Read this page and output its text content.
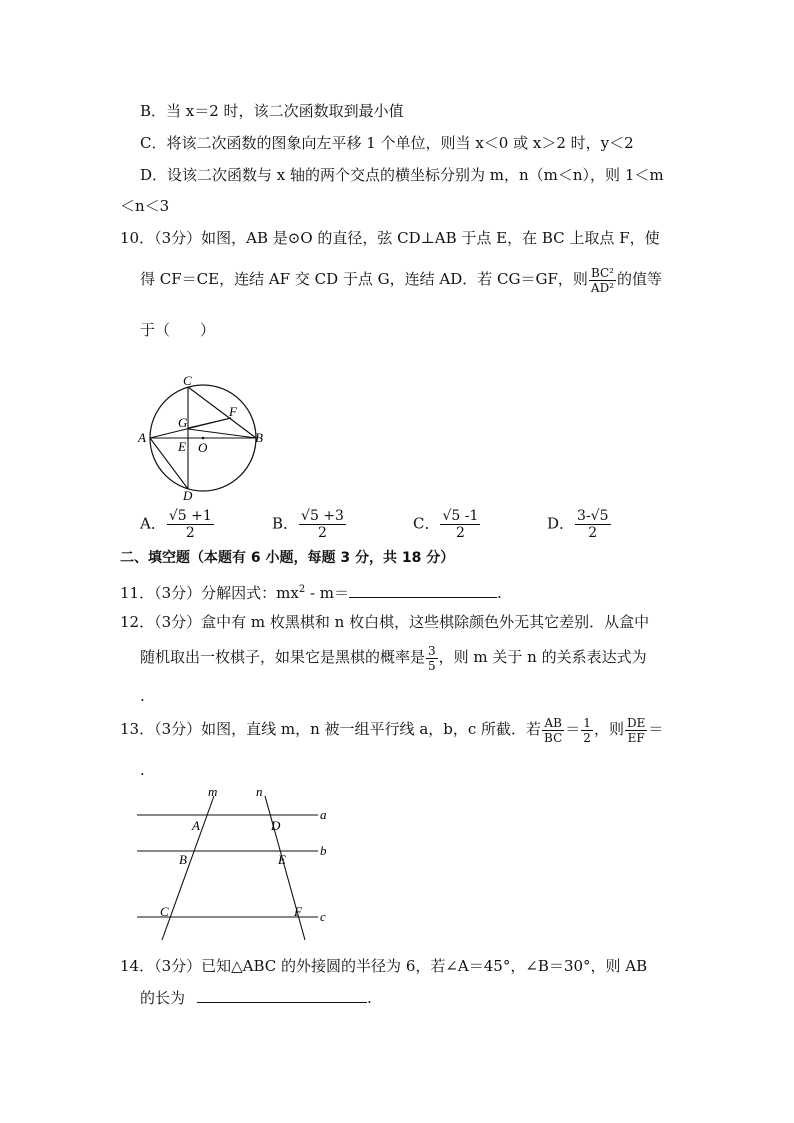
B．当 x＝2 时，该二次函数取到最小值
C．将该二次函数的图象向左平移 1 个单位，则当 x＜0 或 x＞2 时，y＜2
D．设该二次函数与 x 轴的两个交点的横坐标分别为 m，n（m＜n），则 1＜m
＜n＜3
10．（3分）如图，AB 是⊙O 的直径，弦 CD⊥AB 于点 E，在 BC 上取点 F，使
得 CF＝CE，连结 AF 交 CD 于点 G，连结 AD．若 CG＝GF，则 $\frac{\text{BC²}}{\text{AD²}}$ 的值等
于（　　）
C
F
G
A
E O
B
D
A． $\frac{√5 +1}{2}$	B． $\frac{√5 +3}{2}$	C． $\frac{√5 -1}{2}$	D． $\frac{3-√5}{2}$
二、填空题（本题有 6 小题，每题 3 分，共 18 分）
11．（3分）分解因式：$mx^2 - m=$	.
12．（3分）盒中有 m 枚黑棋和 n 枚白棋，这些棋除颜色外无其它差别．从盒中
随机取出一枚棋子，如果它是黑棋的概率是 $\frac{3}{5}$ ，则 m 关于 n 的关系表达式为
.
13．（3分）如图，直线 m，n 被一组平行线 a，b，c 所截．若 $\frac{AB}{BC} = \frac{1}{2}$ ，则 $\frac{DE}{EF}$ ＝
.
m	n
a
b
c
A
B
C
D
E
F
14．（3分）已知△ABC 的外接圆的半径为 6，若∠A＝45°，∠B＝30°，则 AB
的长为	.
